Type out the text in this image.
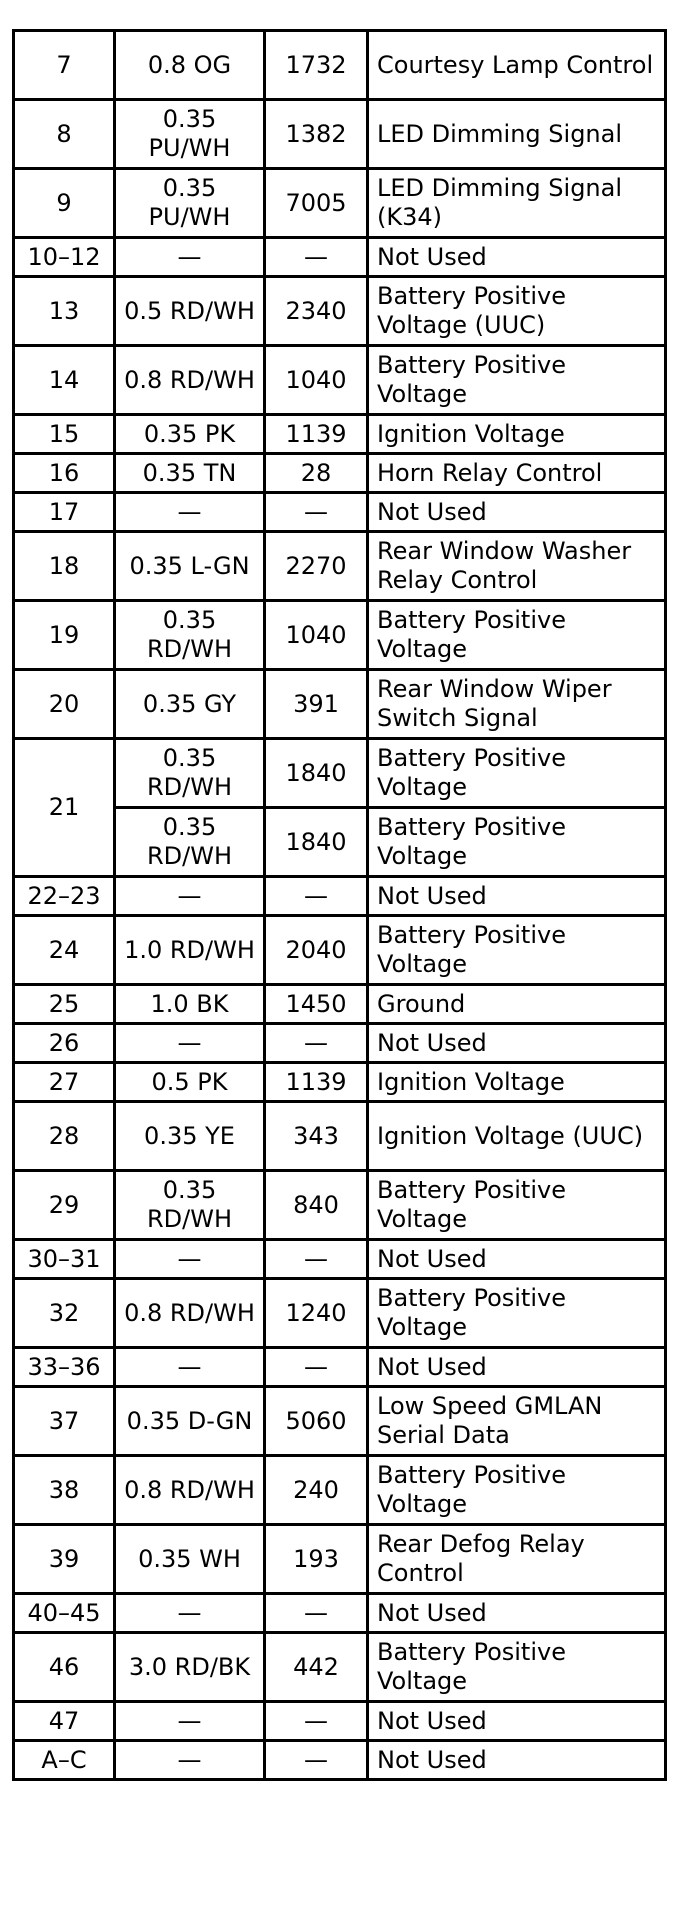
7	0.8 OG	1732	Courtesy Lamp Control
8	0.35 PU/WH	1382	LED Dimming Signal
9	0.35 PU/WH	7005	LED Dimming Signal (K34)
10–12	—	—	Not Used
13	0.5 RD/WH	2340	Battery Positive Voltage (UUC)
14	0.8 RD/WH	1040	Battery Positive Voltage
15	0.35 PK	1139	Ignition Voltage
16	0.35 TN	28	Horn Relay Control
17	—	—	Not Used
18	0.35 L-GN	2270	Rear Window Washer Relay Control
19	0.35 RD/WH	1040	Battery Positive Voltage
20	0.35 GY	391	Rear Window Wiper Switch Signal
21	0.35 RD/WH	1840	Battery Positive Voltage
	0.35 RD/WH	1840	Battery Positive Voltage
22–23	—	—	Not Used
24	1.0 RD/WH	2040	Battery Positive Voltage
25	1.0 BK	1450	Ground
26	—	—	Not Used
27	0.5 PK	1139	Ignition Voltage
28	0.35 YE	343	Ignition Voltage (UUC)
29	0.35 RD/WH	840	Battery Positive Voltage
30–31	—	—	Not Used
32	0.8 RD/WH	1240	Battery Positive Voltage
33–36	—	—	Not Used
37	0.35 D-GN	5060	Low Speed GMLAN Serial Data
38	0.8 RD/WH	240	Battery Positive Voltage
39	0.35 WH	193	Rear Defog Relay Control
40–45	—	—	Not Used
46	3.0 RD/BK	442	Battery Positive Voltage
47	—	—	Not Used
A–C	—	—	Not Used
